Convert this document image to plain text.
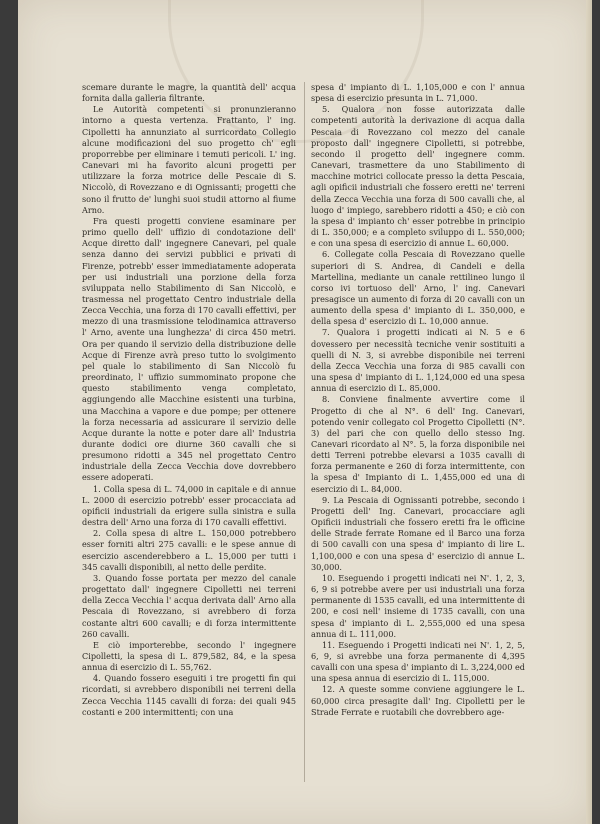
scemare durante le magre, la quantità dell' acqua fornita dalla galleria filtrante.

Le Autorità competenti si pronunzieranno intorno a questa vertenza. Frattanto, l' ing. Cipolletti ha annunziato al surricordato Collegio alcune modificazioni del suo progetto ch' egli proporrebbe per eliminare i temuti pericoli. L' ing. Canevari mi ha favorito alcuni progetti per utilizzare la forza motrice delle Pescaie di S. Niccolò, di Rovezzano e di Ognissanti; progetti che sono il frutto de' lunghi suoi studii attorno al fiume Arno.

Fra questi progetti conviene esaminare per primo quello dell' uffizio di condotazione dell' Acque diretto dall' ingegnere Canevari, pel quale senza danno dei servizi pubblici e privati di Firenze, potrebb' esser immediatamente adoperata per usi industriali una porzione della forza sviluppata nello Stabilimento di San Niccolò, e trasmessa nel progettato Centro industriale della Zecca Vecchia, una forza di 170 cavalli effettivi, per mezzo di una trasmissione telodinamica attraverso l' Arno, avente una lunghezza' di circa 450 metri. Ora per quando il servizio della distribuzione delle Acque di Firenze avrà preso tutto lo svolgimento pel quale lo stabilimento di San Niccolò fu preordinato, l' uffizio summominato propone che questo stabilimento venga completato, aggiungendo alle Macchine esistenti una turbina, una Macchina a vapore e due pompe; per ottenere la forza necessaria ad assicurare il servizio delle Acque durante la notte e poter dare all' Industria durante dodici ore diurne 360 cavalli che si presumono ridotti a 345 nel progettato Centro industriale della Zecca Vecchia dove dovrebbero essere adoperati.

1. Colla spesa di L. 74,000 in capitale e di annue L. 2000 di esercizio potrebb' esser procacciata ad opificii industriali da erigere sulla sinistra e sulla destra dell' Arno una forza di 170 cavalli effettivi.

2. Colla spesa di altre L. 150,000 potrebbero esser forniti altri 275 cavalli: e le spese annue di esercizio ascenderebbero a L. 15,000 per tutti i 345 cavalli disponibili, al netto delle perdite.

3. Quando fosse portata per mezzo del canale progettato dall' ingegnere Cipolletti nei terreni della Zecca Vecchia l' acqua derivata dall' Arno alla Pescaia di Rovezzano, si avrebbero di forza costante altri 600 cavalli; e di forza intermittente 260 cavalli.

E ciò importerebbe, secondo l' ingegnere Cipolletti, la spesa di L. 879,582, 84, e la spesa annua di esercizio di L. 55,762.

4. Quando fossero eseguiti i tre progetti fin qui ricordati, si avrebbero disponibili nei terreni della Zecca Vecchia 1145 cavalli di forza: dei quali 945 costanti e 200 intermittenti; con una

spesa d' impianto di L. 1,105,000 e con l' annua spesa di esercizio presunta in L. 71,000.

5. Qualora non fosse autorizzata dalle competenti autorità la derivazione di acqua dalla Pescaia di Rovezzano col mezzo del canale proposto dall' ingegnere Cipolletti, si potrebbe, secondo il progetto dell' ingegnere comm. Canevari, trasmettere da uno Stabilimento di macchine motrici collocate presso la detta Pescaia, agli opificii industriali che fossero eretti ne' terreni della Zecca Vecchia una forza di 500 cavalli che, al luogo d' impiego, sarebbero ridotti a 450; e ciò con la spesa d' impianto ch' esser potrebbe in principio di L. 350,000; e a completo sviluppo di L. 550,000; e con una spesa di esercizio di annue L. 60,000.

6. Collegate colla Pescaia di Rovezzano quelle superiori di S. Andrea, di Candeli e della Martellina, mediante un canale rettilineo lungo il corso ivi tortuoso dell' Arno, l' ing. Canevari presagisce un aumento di forza di 20 cavalli con un aumento della spesa d' impianto di L. 350,000, e della spesa d' esercizio di L. 10,000 annue.

7. Qualora i progetti indicati ai N. 5 e 6 dovessero per necessità tecniche venir sostituiti a quelli di N. 3, si avrebbe disponibile nei terreni della Zecca Vecchia una forza di 985 cavalli con una spesa d' impianto di L. 1,124,000 ed una spesa annua di esercizio di L. 85,000.

8. Conviene finalmente avvertire come il Progetto di che al N°. 6 dell' Ing. Canevari, potendo venir collegato col Progetto Cipolletti (N°. 3) del pari che con quello dello stesso Ing. Canevari ricordato al N°. 5, la forza disponibile nei detti Terreni potrebbe elevarsi a 1035 cavalli di forza permanente e 260 di forza intermittente, con la spesa d' Impianto di L. 1,455,000 ed una di esercizio di L. 84,000.

9. La Pescaia di Ognissanti potrebbe, secondo i Progetti dell' Ing. Canevari, procacciare agli Opificii industriali che fossero eretti fra le officine delle Strade ferrate Romane ed il Barco una forza di 500 cavalli con una spesa d' impianto di lire L. 1,100,000 e con una spesa d' esercizio di annue L. 30,000.

10. Eseguendo i progetti indicati nei N'. 1, 2, 3, 6, 9 si potrebbe avere per usi industriali una forza permanente di 1535 cavalli, ed una intermittente di 200, e cosi nell' insieme di 1735 cavalli, con una spesa d' impianto di L. 2,555,000 ed una spesa annua di L. 111,000.

11. Eseguendo i Progetti indicati nei N'. 1, 2, 5, 6, 9, si avrebbe una forza permanente di 4,395 cavalli con una spesa d' impianto di L. 3,224,000 ed una spesa annua di esercizio di L. 115,000.

12. A queste somme conviene aggiungere le L. 60,000 circa presagite dall' Ing. Cipolletti per le Strade Ferrate e ruotabili che dovrebbero age-
